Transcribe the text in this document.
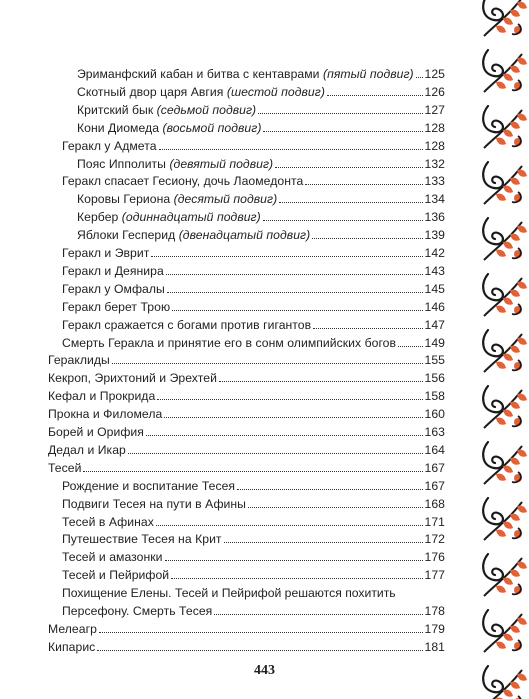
Эриманфский кабан и битва с кентаврами (пятый подвиг) 125
Скотный двор царя Авгия (шестой подвиг)	126
Критский бык (седьмой подвиг)	127
Кони Диомеда (восьмой подвиг)	128
Геракл у Адмета	128
Пояс Ипполиты (девятый подвиг)	132
Геракл спасает Гесиону, дочь Лаомедонта	133
Коровы Гериона (десятый подвиг)	134
Кербер (одиннадцатый подвиг)	136
Яблоки Гесперид (двенадцатый подвиг)	139
Геракл и Эврит	142
Геракл и Деянира	143
Геракл у Омфалы	145
Геракл берет Трою	146
Геракл сражается с богами против гигантов	147
Смерть Геракла и принятие его в сонм олимпийских богов 149
Гераклиды	155
Кекроп, Эрихтоний и Эрехтей	156
Кефал и Прокрида	158
Прокна и Филомела	160
Борей и Орифия	163
Дедал и Икар	164
Тесей	167
Рождение и воспитание Тесея	167
Подвиги Тесея на пути в Афины	168
Тесей в Афинах	171
Путешествие Тесея на Крит	172
Тесей и амазонки	176
Тесей и Пейрифой	177
Похищение Елены. Тесей и Пейрифой решаются похитить
Персефону. Смерть Тесея	178
Мелеагр	179
Кипарис	181
443
